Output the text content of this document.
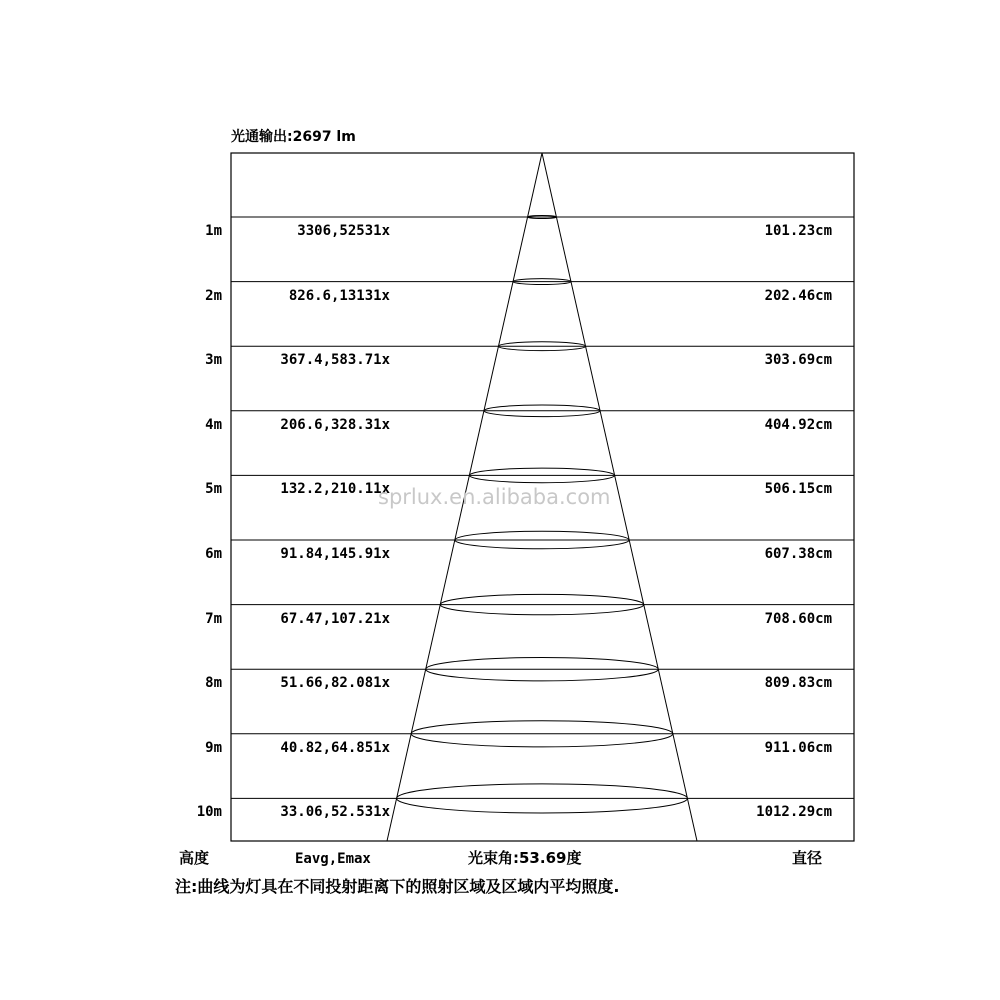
光通输出:2697 lm
1m	3306,52531x	101.23cm
2m	826.6,13131x	202.46cm
3m	367.4,583.71x	303.69cm
4m	206.6,328.31x	404.92cm
5m	132.2,210.11x	506.15cm
6m	91.84,145.91x	607.38cm
7m	67.47,107.21x	708.60cm
8m	51.66,82.081x	809.83cm
9m	40.82,64.851x	911.06cm
10m	33.06,52.531x	1012.29cm
sprlux.en.alibaba.com
高度	Eavg,Emax	光束角:53.69度	直径
注:曲线为灯具在不同投射距离下的照射区域及区域内平均照度.
